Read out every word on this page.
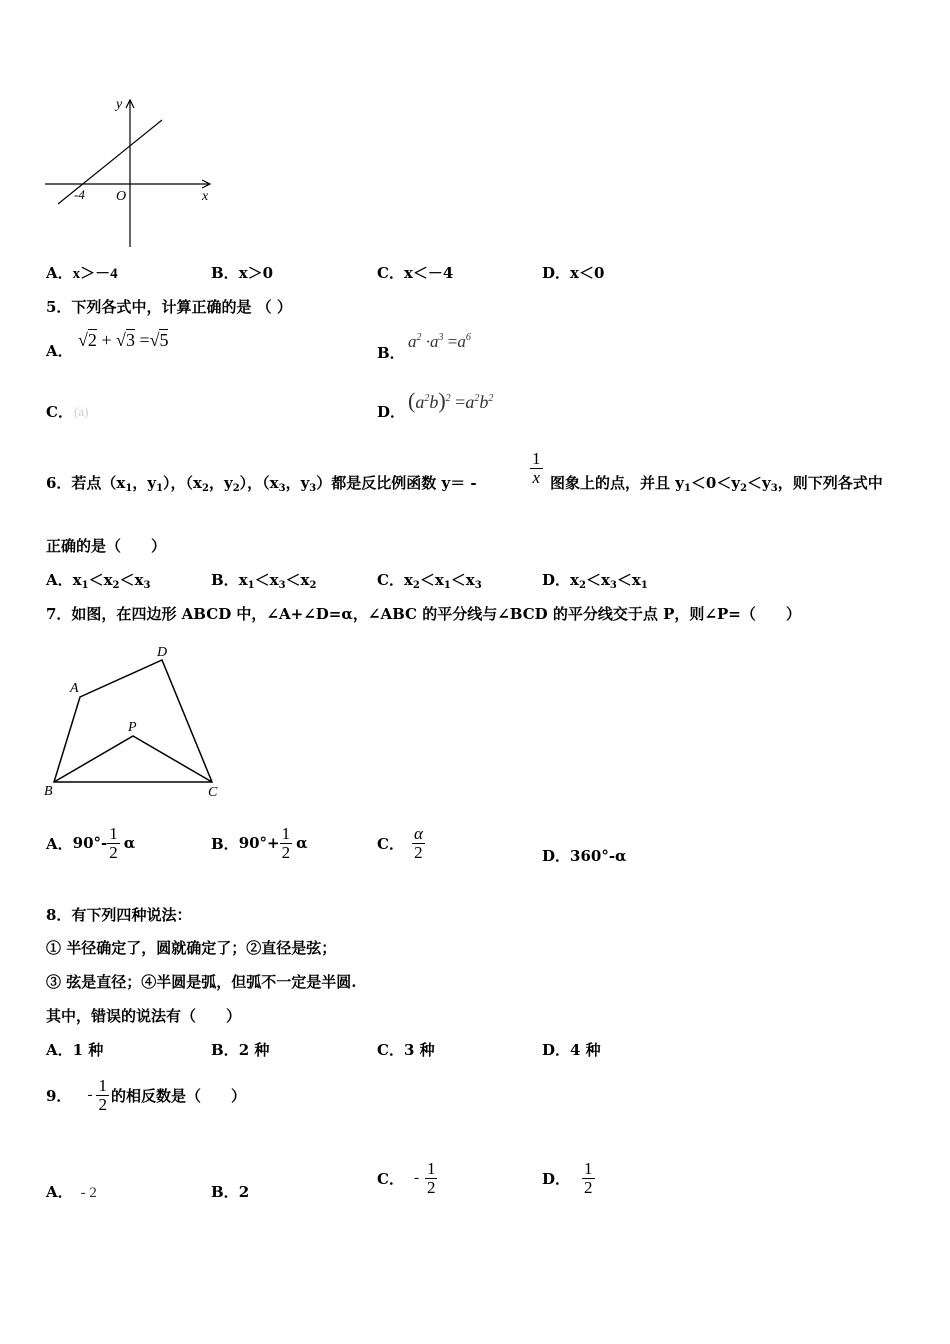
y
x
O
-4
A．x＞－4	B．x＞0	C．x＜－4	D．x＜0
5．下列各式中，计算正确的是 （ ）
A．
√2 + √3 =√5
B．
$a^2 \cdot a^3 =a^6$
C． (a)	D． $(a^2b)^2 =a^2b^2$
6．若点（$x_1$，$y_1$），（$x_2$，$y_2$），（$x_3$，$y_3$）都是反比例函数 y＝ -	$\frac{1}{x}$ 图象上的点，并且 $y_1<0<y_2<y_3$，则下列各式中
正确的是（　　）
A．$x_1<x_2<x_3$	B．$x_1<x_3<x_2$	C．$x_2<x_1<x_3$	D．$x_2<x_3<x_1$
7．如图，在四边形 ABCD 中，∠A+∠D=α，∠ABC 的平分线与∠BCD 的平分线交于点 P，则∠P=（　　）
A
D
P
B	C
A． $90^\circ- \frac{1}{2}$ α	B． $90^\circ+ \frac{1}{2}$ α	C． $\frac{\alpha}{2}$	D．360°-α
8．有下列四种说法：
① 半径确定了，圆就确定了；②直径是弦；
③ 弦是直径；④半圆是弧，但弧不一定是半圆.
其中，错误的说法有（　　）
A．1 种	B．2 种	C．3 种	D．4 种
9． - $\frac{1}{2}$ 的相反数是（　　）
A． - 2	B．2
C． - $\frac{1}{2}$	D． $\frac{1}{2}$
